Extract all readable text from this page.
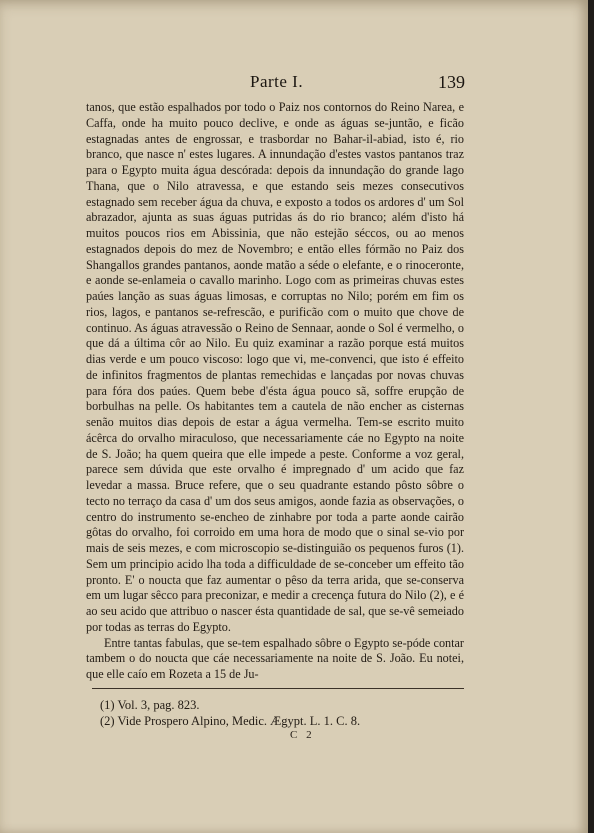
Parte I.	139

tanos, que estão espalhados por todo o Paiz nos contornos do Reino Narea, e Caffa, onde ha muito pouco declive, e onde as águas se-juntão, e ficão estagnadas antes de engrossar, e trasbordar no Bahar-il-abiad, isto é, rio branco, que nasce n' estes lugares. A innundação d'estes vastos pantanos traz para o Egypto muita água descórada: depois da innundação do grande lago Thana, que o Nilo atravessa, e que estando seis mezes consecutivos estagnado sem receber água da chuva, e exposto a todos os ardores d' um Sol abrazador, ajunta as suas águas putridas ás do rio branco; além d'isto há muitos poucos rios em Abissinia, que não estejão séccos, ou ao menos estagnados depois do mez de Novembro; e então elles fórmão no Paiz dos Shangallos grandes pantanos, aonde matão a séde o elefante, e o rinoceronte, e aonde se-enlameia o cavallo marinho. Logo com as primeiras chuvas estes paúes lanção as suas águas limosas, e corruptas no Nilo; porém em fim os rios, lagos, e pantanos se-refrescão, e purificão com o muito que chove de continuo. As águas atravessão o Reino de Sennaar, aonde o Sol é vermelho, o que dá a última côr ao Nilo. Eu quiz examinar a razão porque está muitos dias verde e um pouco viscoso: logo que vi, me-convenci, que isto é effeito de infinitos fragmentos de plantas remechidas e lançadas por novas chuvas para fóra dos paúes. Quem bebe d'ésta água pouco sã, soffre erupção de borbulhas na pelle. Os habitantes tem a cautela de não encher as cisternas senão muitos dias depois de estar a água vermelha. Tem-se escrito muito ácêrca do orvalho miraculoso, que necessariamente cáe no Egypto na noite de S. João; ha quem queira que elle impede a peste. Conforme a voz geral, parece sem dúvida que este orvalho é impregnado d' um acido que faz levedar a massa. Bruce refere, que o seu quadrante estando pôsto sôbre o tecto no terraço da casa d' um dos seus amigos, aonde fazia as observações, o centro do instrumento se-encheo de zinhabre por toda a parte aonde cairão gôtas do orvalho, foi corroido em uma hora de modo que o sinal se-vio por mais de seis mezes, e com microscopio se-distinguião os pequenos furos (1). Sem um principio acido lha toda a difficuldade de se-conceber um effeito tão pronto. E' o noucta que faz aumentar o pêso da terra arida, que se-conserva em um lugar sêcco para preconizar, e medir a crecença futura do Nilo (2), e é ao seu acido que attribuo o nascer ésta quantidade de sal, que se-vê semeiado por todas as terras do Egypto.

Entre tantas fabulas, que se-tem espalhado sôbre o Egypto se-póde contar tambem o do noucta que cáe necessariamente na noite de S. João. Eu notei, que elle caío em Rozeta a 15 de Ju-

(1) Vol. 3, pag. 823.
(2) Vide Prospero Alpino, Medic. Ægypt. L. 1. C. 8.
C 2
